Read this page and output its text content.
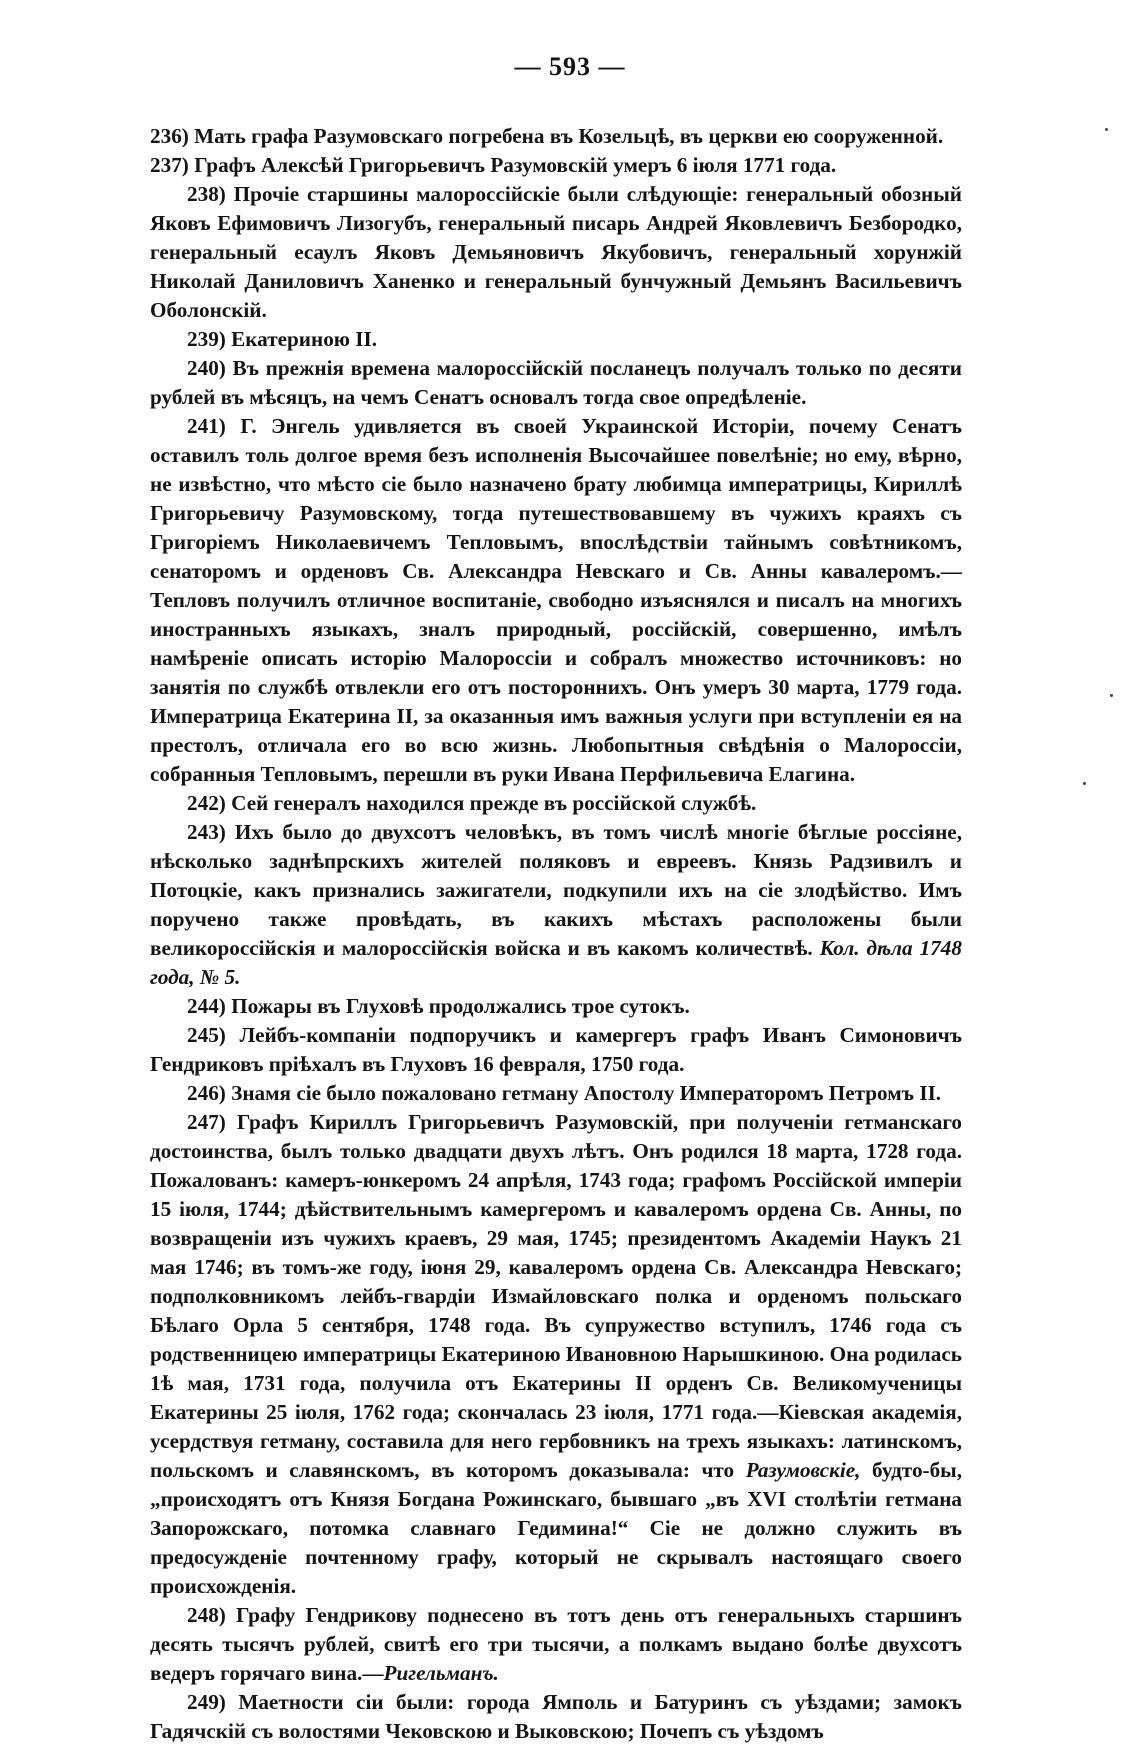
— 593 —

236) Мать графа Разумовскаго погребена въ Козельцѣ, въ церкви ею сооруженной.

237) Графъ Алексѣй Григорьевичъ Разумовскій умеръ 6 іюля 1771 года.

238) Прочіе старшины малороссійскіе были слѣдующіе: генеральный обозный Яковъ Ефимовичъ Лизогубъ, генеральный писарь Андрей Яковлевичъ Безбородко, генеральный есаулъ Яковъ Демьяновичъ Якубовичъ, генеральный хорунжій Николай Даниловичъ Ханенко и генеральный бунчужный Демьянъ Васильевичъ Оболонскій.

239) Екатериною II.

240) Въ прежнія времена малороссійскій посланецъ получалъ только по десяти рублей въ мѣсяцъ, на чемъ Сенатъ основалъ тогда свое опредѣленіе.

241) Г. Энгель удивляется въ своей Украинской Исторіи, почему Сенатъ оставилъ толь долгое время безъ исполненія Высочайшее повелѣніе; но ему, вѣрно, не извѣстно, что мѣсто сіе было назначено брату любимца императрицы, Кириллѣ Григорьевичу Разумовскому, тогда путешествовавшему въ чужихъ краяхъ съ Григоріемъ Николаевичемъ Тепловымъ, впослѣдствіи тайнымъ совѣтникомъ, сенаторомъ и орденовъ Св. Александра Невскаго и Св. Анны кавалеромъ.—Тепловъ получилъ отличное воспитаніе, свободно изъяснялся и писалъ на многихъ иностранныхъ языкахъ, зналъ природный, россійскій, совершенно, имѣлъ намѣреніе описать исторію Малороссіи и собралъ множество источниковъ: но занятія по службѣ отвлекли его отъ постороннихъ. Онъ умеръ 30 марта, 1779 года. Императрица Екатерина II, за оказанныя имъ важныя услуги при вступленіи ея на престолъ, отличала его во всю жизнь. Любопытныя свѣдѣнія о Малороссіи, собранныя Тепловымъ, перешли въ руки Ивана Перфильевича Елагина.

242) Сей генералъ находился прежде въ россійской службѣ.

243) Ихъ было до двухсотъ человѣкъ, въ томъ числѣ многіе бѣглые россіяне, нѣсколько заднѣпрскихъ жителей поляковъ и евреевъ. Князь Радзивилъ и Потоцкіе, какъ признались зажигатели, подкупили ихъ на сіе злодѣйство. Имъ поручено также провѣдать, въ какихъ мѣстахъ расположены были великороссійскія и малороссійскія войска и въ какомъ количествѣ. Кол. дѣла 1748 года, № 5.

244) Пожары въ Глуховѣ продолжались трое сутокъ.

245) Лейбъ-компаніи подпоручикъ и камергеръ графъ Иванъ Симоновичъ Гендриковъ пріѣхалъ въ Глуховъ 16 февраля, 1750 года.

246) Знамя сіе было пожаловано гетману Апостолу Императоромъ Петромъ II.

247) Графъ Кириллъ Григорьевичъ Разумовскій, при полученіи гетманскаго достоинства, былъ только двадцати двухъ лѣтъ. Онъ родился 18 марта, 1728 года. Пожалованъ: камеръ-юнкеромъ 24 апрѣля, 1743 года; графомъ Россійской имперіи 15 іюля, 1744; дѣйствительнымъ камергеромъ и кавалеромъ ордена Св. Анны, по возвращеніи изъ чужихъ краевъ, 29 мая, 1745; президентомъ Академіи Наукъ 21 мая 1746; въ томъ-же году, іюня 29, кавалеромъ ордена Св. Александра Невскаго; подполковникомъ лейбъ-гвардіи Измайловскаго полка и орденомъ польскаго Бѣлаго Орла 5 сентября, 1748 года. Въ супружество вступилъ, 1746 года съ родственницею императрицы Екатериною Ивановною Нарышкиною. Она родилась 1ѣ мая, 1731 года, получила отъ Екатерины II орденъ Св. Великомученицы Екатерины 25 іюля, 1762 года; скончалась 23 іюля, 1771 года.—Кіевская академія, усердствуя гетману, составила для него гербовникъ на трехъ языкахъ: латинскомъ, польскомъ и славянскомъ, въ которомъ доказывала: что Разумовскіе, будто-бы, „происходятъ отъ Князя Богдана Рожинскаго, бывшаго „въ XVI столѣтіи гетмана Запорожскаго, потомка славнаго Гедимина!“ Сіе не должно служить въ предосужденіе почтенному графу, который не скрывалъ настоящаго своего происхожденія.

248) Графу Гендрикову поднесено въ тотъ день отъ генеральныхъ старшинъ десять тысячъ рублей, свитѣ его три тысячи, а полкамъ выдано болѣе двухсотъ ведеръ горячаго вина.—Ригельманъ.

249) Маетности сіи были: города Ямполь и Батуринъ съ уѣздами; замокъ Гадячскій съ волостями Чековскою и Выковскою; Почепъ съ уѣздомъ
